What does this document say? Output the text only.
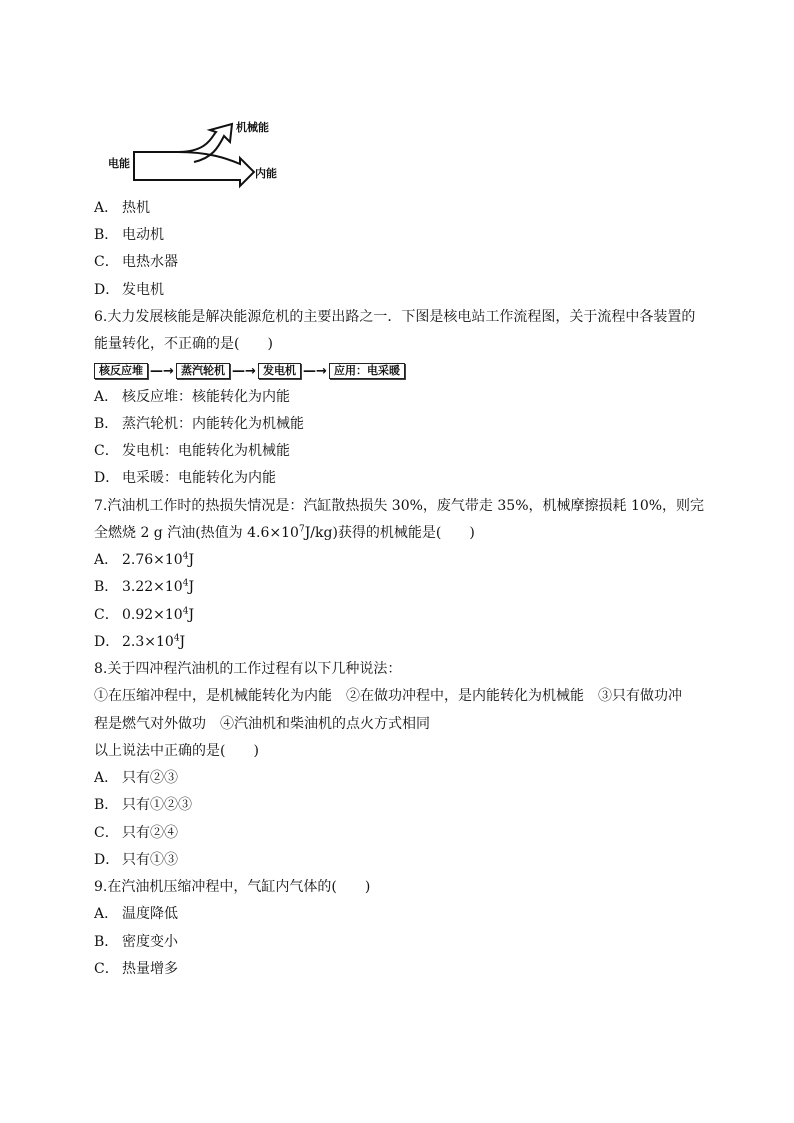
电能
机械能
内能
A． 热机
B． 电动机
C． 电热水器
D． 发电机
6.大力发展核能是解决能源危机的主要出路之一．下图是核电站工作流程图，关于流程中各装置的
能量转化，不正确的是(　　)
核反应堆 —→ 蒸汽轮机 —→ 发电机 —→ 应用：电采暖
A． 核反应堆：核能转化为内能
B． 蒸汽轮机：内能转化为机械能
C． 发电机：电能转化为机械能
D． 电采暖：电能转化为内能
7.汽油机工作时的热损失情况是：汽缸散热损失 30%，废气带走 35%，机械摩擦损耗 10%，则完
全燃烧 2 g 汽油(热值为 $4.6\times 10^7J/kg$)获得的机械能是(　　)
A． $2.76\times 10^4J$
B． $3.22\times 10^4J$
C． $0.92\times 10^4J$
D． $2.3\times 10^4J$
8.关于四冲程汽油机的工作过程有以下几种说法：
①在压缩冲程中，是机械能转化为内能　②在做功冲程中，是内能转化为机械能　③只有做功冲
程是燃气对外做功　④汽油机和柴油机的点火方式相同
以上说法中正确的是(　　)
A． 只有②③
B． 只有①②③
C． 只有②④
D． 只有①③
9.在汽油机压缩冲程中，气缸内气体的(　　)
A． 温度降低
B． 密度变小
C． 热量增多
